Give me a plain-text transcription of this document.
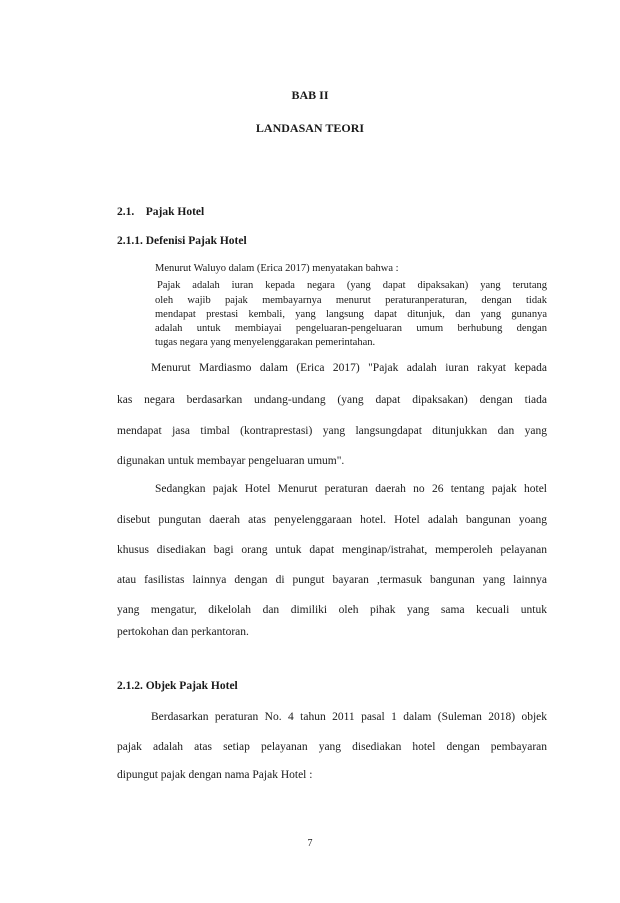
BAB II

LANDASAN TEORI

2.1.    Pajak Hotel

2.1.1. Defenisi Pajak Hotel

Menurut Waluyo dalam (Erica 2017) menyatakan bahwa :

Pajak adalah iuran kepada negara (yang dapat dipaksakan) yang terutang

oleh wajib pajak membayarnya menurut peraturanperaturan, dengan tidak

mendapat prestasi kembali, yang langsung dapat ditunjuk, dan yang gunanya

adalah untuk membiayai pengeluaran-pengeluaran umum berhubung dengan

tugas negara yang menyelenggarakan pemerintahan.

Menurut Mardiasmo dalam (Erica 2017) "Pajak adalah iuran rakyat kepada

kas negara berdasarkan undang-undang (yang dapat dipaksakan) dengan tiada

mendapat jasa timbal (kontraprestasi) yang langsungdapat ditunjukkan dan yang

digunakan untuk membayar pengeluaran umum".

Sedangkan pajak Hotel Menurut peraturan daerah no 26 tentang pajak hotel

disebut pungutan daerah atas penyelenggaraan hotel. Hotel adalah bangunan yoang

khusus disediakan bagi orang untuk dapat menginap/istrahat, memperoleh pelayanan

atau fasilistas lainnya dengan di pungut bayaran ,termasuk bangunan yang lainnya

yang mengatur, dikelolah dan dimiliki oleh pihak yang sama kecuali untuk

pertokohan dan perkantoran.

2.1.2. Objek Pajak Hotel

Berdasarkan peraturan No. 4 tahun 2011 pasal 1 dalam (Suleman 2018) objek

pajak adalah atas setiap pelayanan yang disediakan hotel dengan pembayaran

dipungut pajak dengan nama Pajak Hotel :

7
